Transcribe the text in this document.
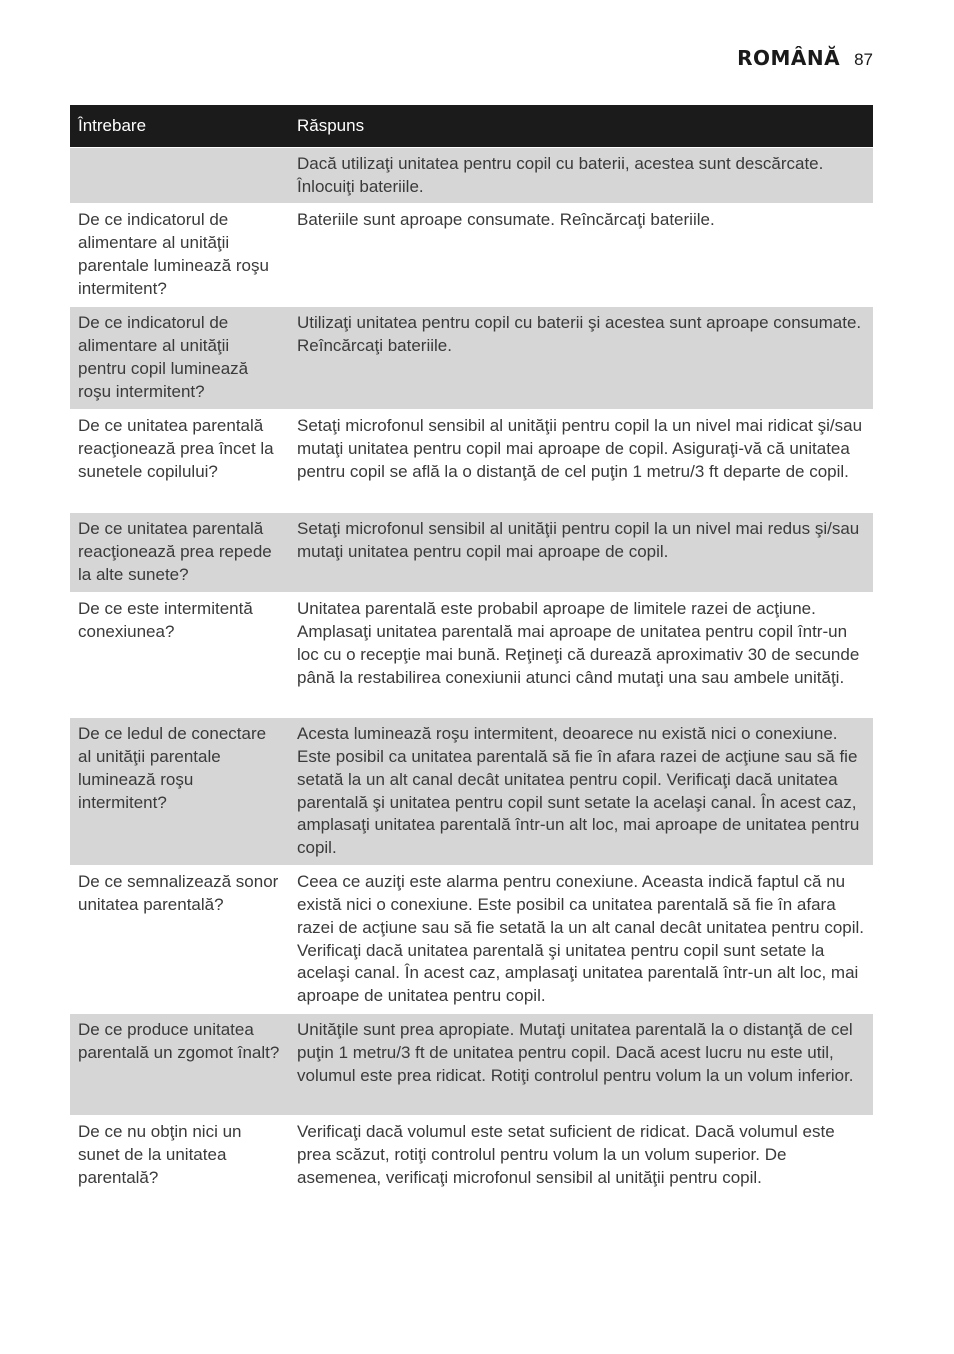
ROMÂNĂ 87
Întrebare	Răspuns
	Dacă utilizaţi unitatea pentru copil cu baterii, acestea sunt descărcate. Înlocuiţi bateriile.
De ce indicatorul de alimentare al unităţii parentale luminează roşu intermitent?	Bateriile sunt aproape consumate. Reîncărcaţi bateriile.
De ce indicatorul de alimentare al unităţii pentru copil luminează roşu intermitent?	Utilizaţi unitatea pentru copil cu baterii şi acestea sunt aproape consumate. Reîncărcaţi bateriile.
De ce unitatea parentală reacţionează prea încet la sunetele copilului?	Setaţi microfonul sensibil al unităţii pentru copil la un nivel mai ridicat şi/sau mutaţi unitatea pentru copil mai aproape de copil. Asiguraţi-vă că unitatea pentru copil se află la o distanţă de cel puţin 1 metru/3 ft departe de copil.
De ce unitatea parentală reacţionează prea repede la alte sunete?	Setaţi microfonul sensibil al unităţii pentru copil la un nivel mai redus şi/sau mutaţi unitatea pentru copil mai aproape de copil.
De ce este intermitentă conexiunea?	Unitatea parentală este probabil aproape de limitele razei de acţiune. Amplasaţi unitatea parentală mai aproape de unitatea pentru copil într-un loc cu o recepţie mai bună. Reţineţi că durează aproximativ 30 de secunde până la restabilirea conexiunii atunci când mutaţi una sau ambele unităţi.
De ce ledul de conectare al unităţii parentale luminează roşu intermitent?	Acesta luminează roşu intermitent, deoarece nu există nici o conexiune. Este posibil ca unitatea parentală să fie în afara razei de acţiune sau să fie setată la un alt canal decât unitatea pentru copil. Verificaţi dacă unitatea parentală şi unitatea pentru copil sunt setate la acelaşi canal. În acest caz, amplasaţi unitatea parentală într-un alt loc, mai aproape de unitatea pentru copil.
De ce semnalizează sonor unitatea parentală?	Ceea ce auziţi este alarma pentru conexiune. Aceasta indică faptul că nu există nici o conexiune. Este posibil ca unitatea parentală să fie în afara razei de acţiune sau să fie setată la un alt canal decât unitatea pentru copil. Verificaţi dacă unitatea parentală şi unitatea pentru copil sunt setate la acelaşi canal. În acest caz, amplasaţi unitatea parentală într-un alt loc, mai aproape de unitatea pentru copil.
De ce produce unitatea parentală un zgomot înalt?	Unităţile sunt prea apropiate. Mutaţi unitatea parentală la o distanţă de cel puţin 1 metru/3 ft de unitatea pentru copil. Dacă acest lucru nu este util, volumul este prea ridicat. Rotiţi controlul pentru volum la un volum inferior.
De ce nu obţin nici un sunet de la unitatea parentală?	Verificaţi dacă volumul este setat suficient de ridicat. Dacă volumul este prea scăzut, rotiţi controlul pentru volum la un volum superior. De asemenea, verificaţi microfonul sensibil al unităţii pentru copil.
